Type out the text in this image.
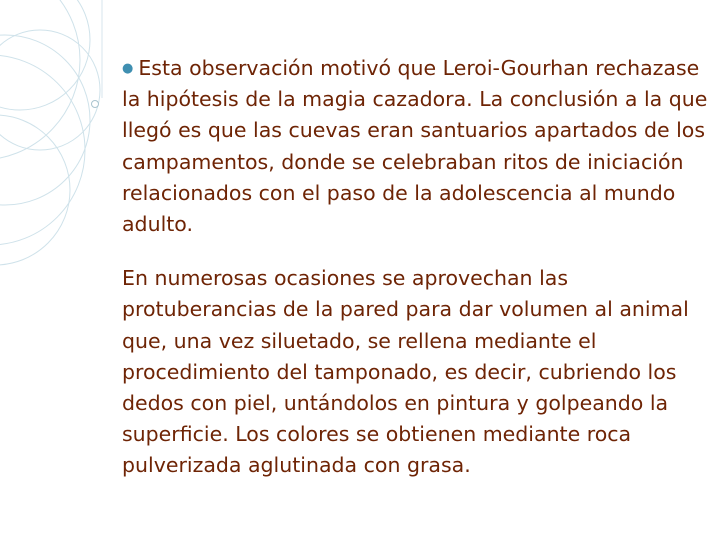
● Esta observación motivó que Leroi-Gourhan rechazase la hipótesis de la magia cazadora. La conclusión a la que llegó es que las cuevas eran santuarios apartados de los campamentos, donde se celebraban ritos de iniciación relacionados con el paso de la adolescencia al mundo adulto.

En numerosas ocasiones se aprovechan las protuberancias de la pared para dar volumen al animal que, una vez siluetado, se rellena mediante el procedimiento del tamponado, es decir, cubriendo los dedos con piel, untándolos en pintura y golpeando la superficie. Los colores se obtienen mediante roca pulverizada aglutinada con grasa.
